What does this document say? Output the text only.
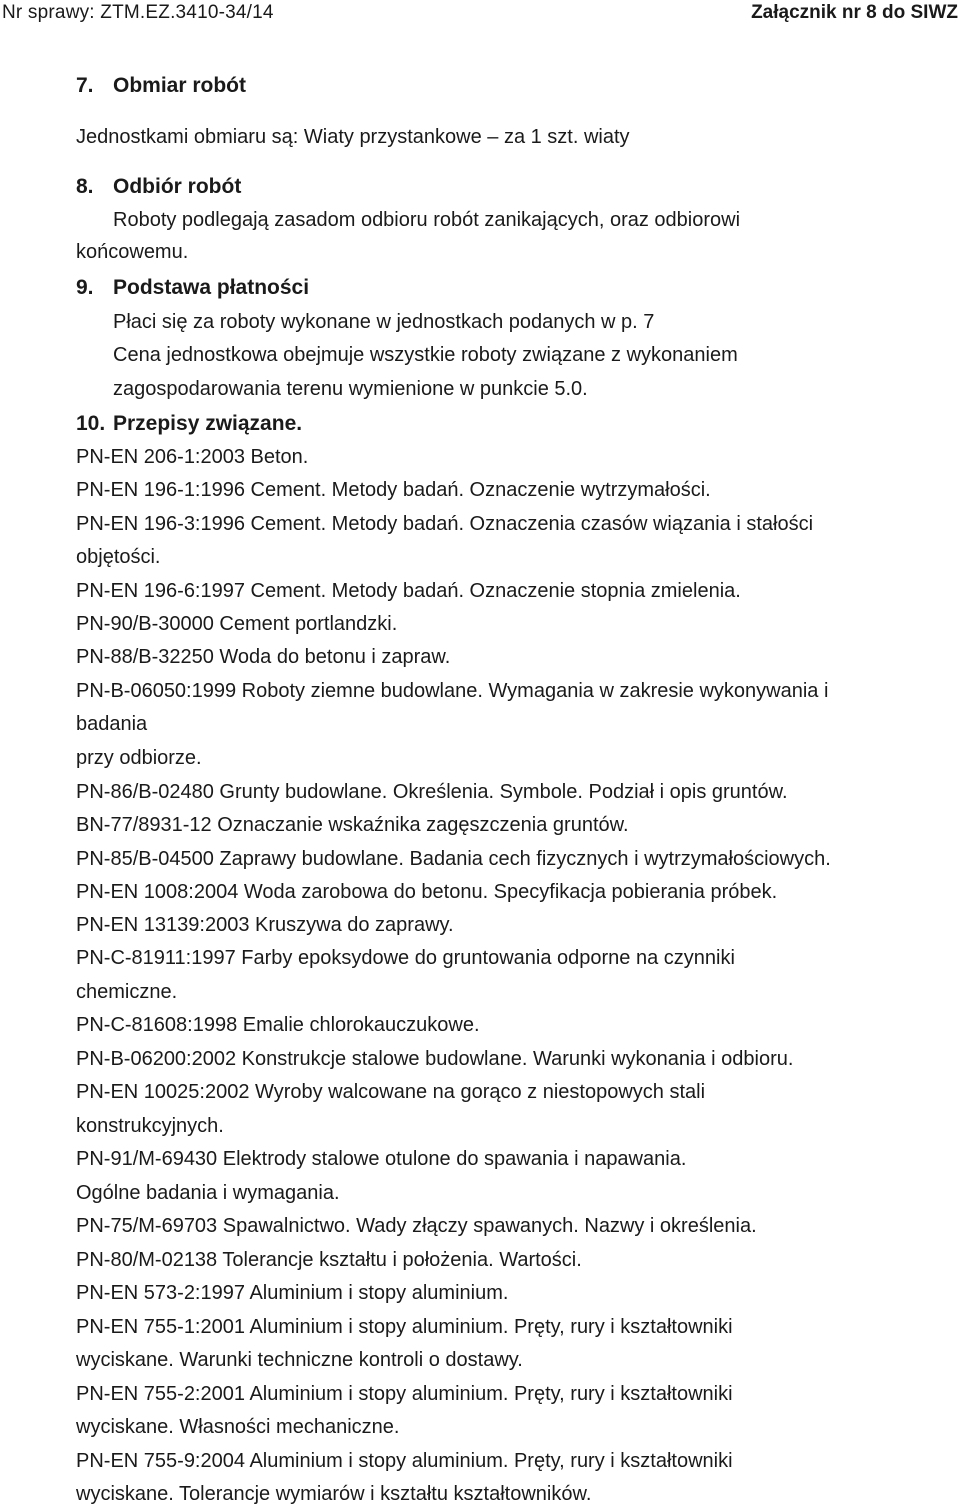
Nr sprawy: ZTM.EZ.3410-34/14	Załącznik nr 8 do SIWZ
7. Obmiar robót
Jednostkami obmiaru są: Wiaty przystankowe – za 1 szt. wiaty
8. Odbiór robót
Roboty podlegają zasadom odbioru robót zanikających, oraz odbiorowi
końcowemu.
9. Podstawa płatności
Płaci się za roboty wykonane w jednostkach podanych w p. 7
Cena jednostkowa obejmuje wszystkie roboty związane z wykonaniem
zagospodarowania terenu wymienione w punkcie 5.0.
10. Przepisy związane.
PN-EN 206-1:2003 Beton.
PN-EN 196-1:1996 Cement. Metody badań. Oznaczenie wytrzymałości.
PN-EN 196-3:1996 Cement. Metody badań. Oznaczenia czasów wiązania i stałości
objętości.
PN-EN 196-6:1997 Cement. Metody badań. Oznaczenie stopnia zmielenia.
PN-90/B-30000 Cement portlandzki.
PN-88/B-32250 Woda do betonu i zapraw.
PN-B-06050:1999 Roboty ziemne budowlane. Wymagania w zakresie wykonywania i
badania
przy odbiorze.
PN-86/B-02480 Grunty budowlane. Określenia. Symbole. Podział i opis gruntów.
BN-77/8931-12 Oznaczanie wskaźnika zagęszczenia gruntów.
PN-85/B-04500 Zaprawy budowlane. Badania cech fizycznych i wytrzymałościowych.
PN-EN 1008:2004 Woda zarobowa do betonu. Specyfikacja pobierania próbek.
PN-EN 13139:2003 Kruszywa do zaprawy.
PN-C-81911:1997 Farby epoksydowe do gruntowania odporne na czynniki
chemiczne.
PN-C-81608:1998 Emalie chlorokauczukowe.
PN-B-06200:2002 Konstrukcje stalowe budowlane. Warunki wykonania i odbioru.
PN-EN 10025:2002 Wyroby walcowane na gorąco z niestopowych stali
konstrukcyjnych.
PN-91/M-69430 Elektrody stalowe otulone do spawania i napawania.
Ogólne badania i wymagania.
PN-75/M-69703 Spawalnictwo. Wady złączy spawanych. Nazwy i określenia.
PN-80/M-02138 Tolerancje kształtu i położenia. Wartości.
PN-EN 573-2:1997 Aluminium i stopy aluminium.
PN-EN 755-1:2001 Aluminium i stopy aluminium. Pręty, rury i kształtowniki
wyciskane. Warunki techniczne kontroli o dostawy.
PN-EN 755-2:2001 Aluminium i stopy aluminium. Pręty, rury i kształtowniki
wyciskane. Własności mechaniczne.
PN-EN 755-9:2004 Aluminium i stopy aluminium. Pręty, rury i kształtowniki
wyciskane. Tolerancje wymiarów i kształtu kształtowników.
